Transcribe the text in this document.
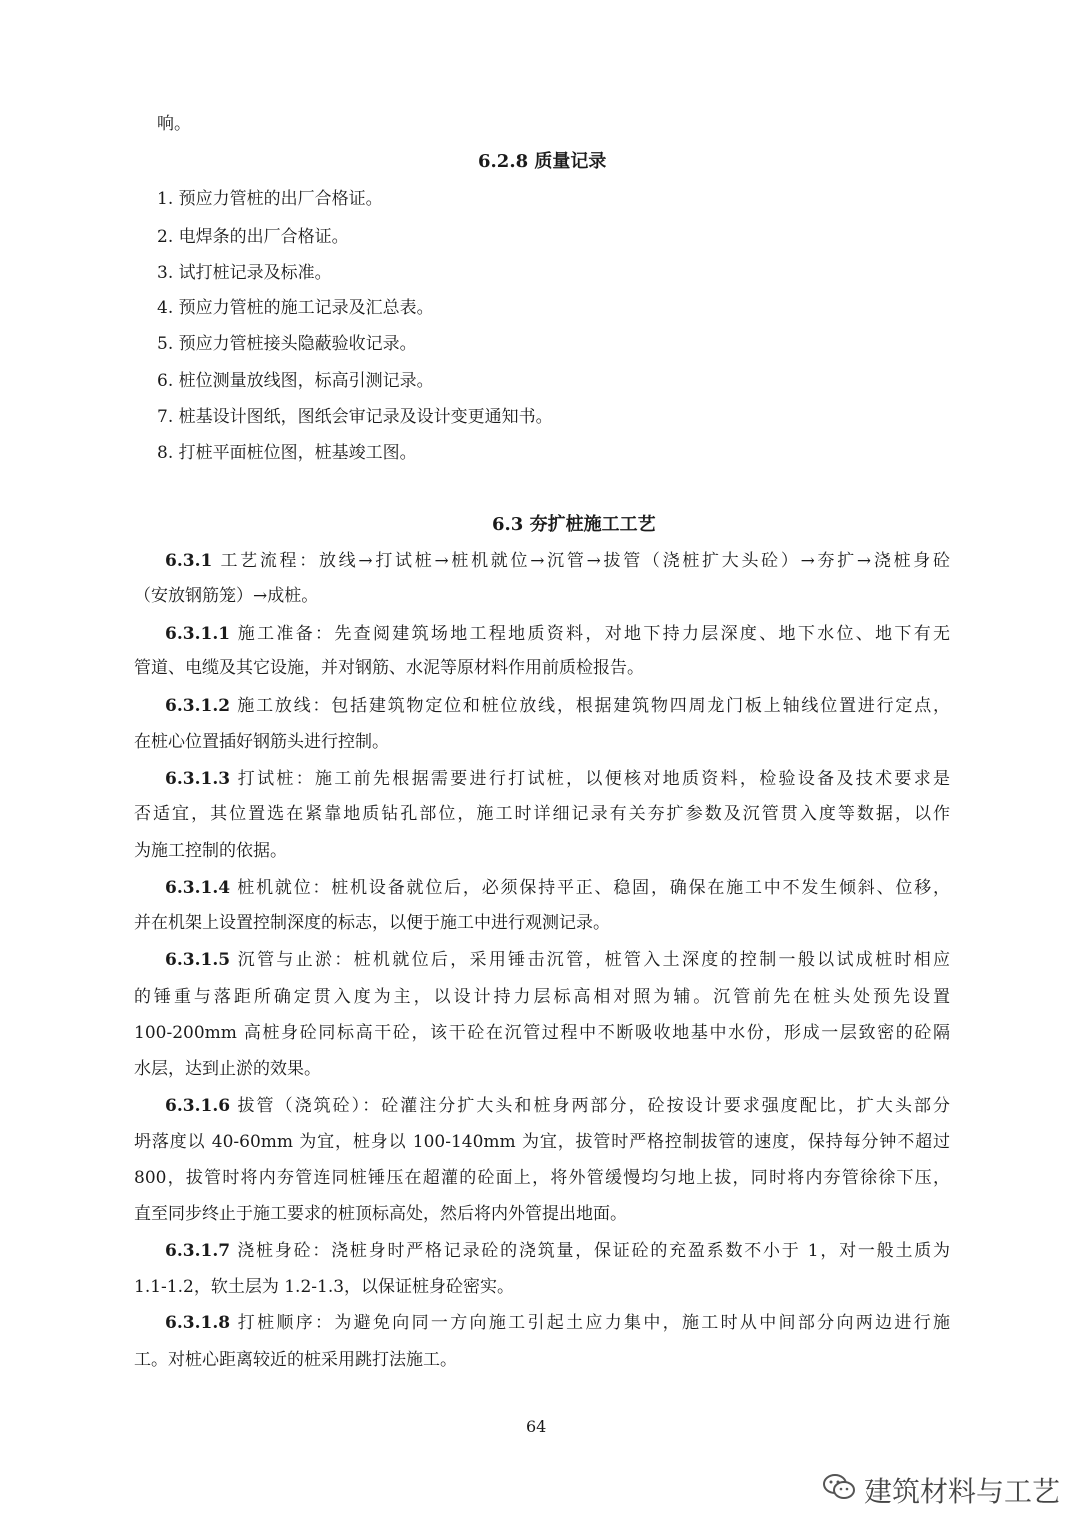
响。
6.2.8 质量记录
1. 预应力管桩的出厂合格证。
2. 电焊条的出厂合格证。
3. 试打桩记录及标准。
4. 预应力管桩的施工记录及汇总表。
5. 预应力管桩接头隐蔽验收记录。
6. 桩位测量放线图，标高引测记录。
7. 桩基设计图纸，图纸会审记录及设计变更通知书。
8. 打桩平面桩位图，桩基竣工图。
6.3 夯扩桩施工工艺
6.3.1 工艺流程：放线→打试桩→桩机就位→沉管→拔管（浇桩扩大头砼）→夯扩→浇桩身砼
（安放钢筋笼）→成桩。
6.3.1.1 施工准备：先查阅建筑场地工程地质资料，对地下持力层深度、地下水位、地下有无
管道、电缆及其它设施，并对钢筋、水泥等原材料作用前质检报告。
6.3.1.2 施工放线：包括建筑物定位和桩位放线，根据建筑物四周龙门板上轴线位置进行定点，
在桩心位置插好钢筋头进行控制。
6.3.1.3 打试桩：施工前先根据需要进行打试桩，以便核对地质资料，检验设备及技术要求是
否适宜，其位置选在紧靠地质钻孔部位，施工时详细记录有关夯扩参数及沉管贯入度等数据，以作
为施工控制的依据。
6.3.1.4 桩机就位：桩机设备就位后，必须保持平正、稳固，确保在施工中不发生倾斜、位移，
并在机架上设置控制深度的标志，以便于施工中进行观测记录。
6.3.1.5 沉管与止淤：桩机就位后，采用锤击沉管，桩管入土深度的控制一般以试成桩时相应
的锤重与落距所确定贯入度为主，以设计持力层标高相对照为辅。沉管前先在桩头处预先设置
100-200mm 高桩身砼同标高干砼，该干砼在沉管过程中不断吸收地基中水份，形成一层致密的砼隔
水层，达到止淤的效果。
6.3.1.6 拔管（浇筑砼）：砼灌注分扩大头和桩身两部分，砼按设计要求强度配比，扩大头部分
坍落度以 40-60mm 为宜，桩身以 100-140mm 为宜，拔管时严格控制拔管的速度，保持每分钟不超过
800，拔管时将内夯管连同桩锤压在超灌的砼面上，将外管缓慢均匀地上拔，同时将内夯管徐徐下压，
直至同步终止于施工要求的桩顶标高处，然后将内外管提出地面。
6.3.1.7 浇桩身砼：浇桩身时严格记录砼的浇筑量，保证砼的充盈系数不小于 1，对一般土质为
1.1-1.2，软土层为 1.2-1.3，以保证桩身砼密实。
6.3.1.8 打桩顺序：为避免向同一方向施工引起土应力集中，施工时从中间部分向两边进行施
工。对桩心距离较近的桩采用跳打法施工。
64
建筑材料与工艺
